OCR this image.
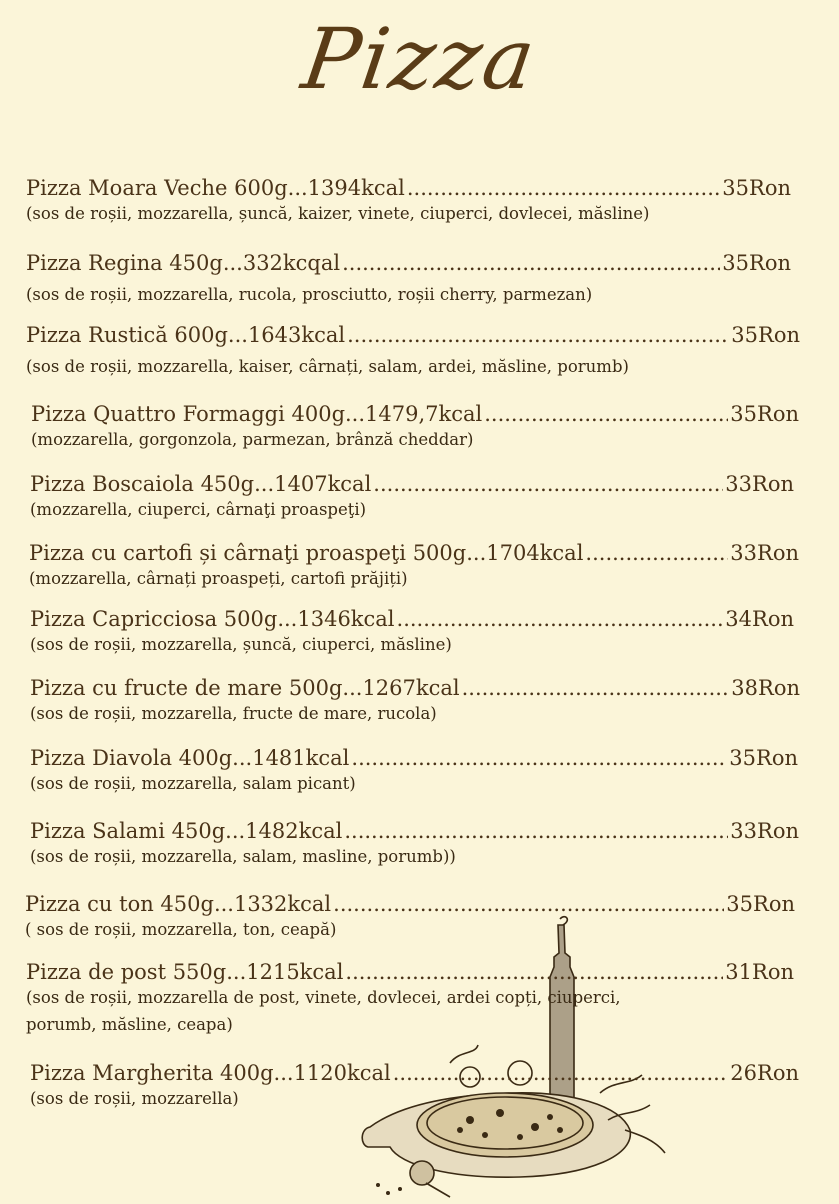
Pizza
Pizza Moara Veche 600g...1394kcal .....	35Ron
(sos de roșii, mozzarella, șuncă, kaizer, vinete, ciuperci, dovlecei, măsline)
Pizza Regina 450g...332kcqal .....	35Ron
(sos de roșii, mozzarella, rucola, prosciutto, roșii cherry, parmezan)
Pizza Rustică 600g...1643kcal .....	35Ron
(sos de roșii, mozzarella, kaiser, cârnați, salam, ardei, măsline, porumb)
Pizza Quattro Formaggi 400g...1479,7kcal .....	35Ron
(mozzarella, gorgonzola, parmezan, brânză cheddar)
Pizza Boscaiola 450g...1407kcal .....	33Ron
(mozzarella, ciuperci, cârnaţi proaspeţi)
Pizza cu cartofi și cârnaţi proaspeţi 500g...1704kcal .....	33Ron
(mozzarella, cârnați proaspeți, cartofi prăjiți)
Pizza Capricciosa 500g...1346kcal .....	34Ron
(sos de roșii, mozzarella, șuncă, ciuperci, măsline)
Pizza cu fructe de mare 500g...1267kcal .....	38Ron
(sos de roșii, mozzarella, fructe de mare, rucola)
Pizza Diavola 400g...1481kcal .....	35Ron
(sos de roșii, mozzarella, salam picant)
Pizza Salami 450g...1482kcal .....	33Ron
(sos de roșii, mozzarella, salam, masline, porumb))
Pizza cu ton 450g...1332kcal .....	35Ron
( sos de roșii, mozzarella, ton, ceapă)
Pizza de post 550g...1215kcal .....	31Ron
(sos de roșii, mozzarella de post, vinete, dovlecei, ardei copți, ciuperci,
porumb, măsline, ceapa)
Pizza Margherita 400g...1120kcal .....	26Ron
(sos de roșii, mozzarella)
